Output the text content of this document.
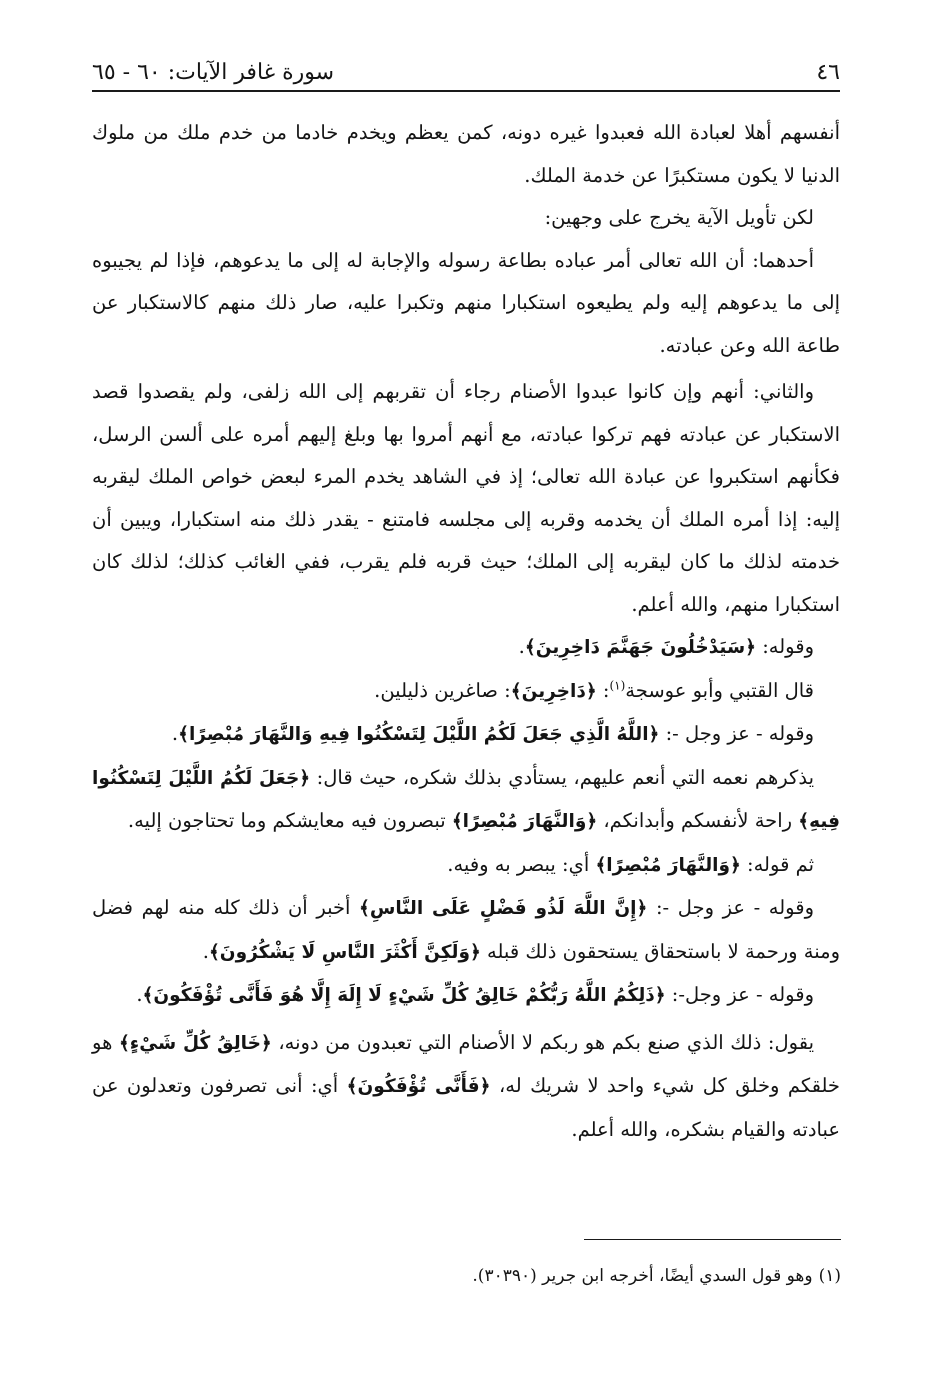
٤٦
سورة غافر الآيات: ٦٠ - ٦٥

أنفسهم أهلا لعبادة الله فعبدوا غيره دونه، كمن يعظم ويخدم خادما من خدم ملك من ملوك الدنيا لا يكون مستكبرًا عن خدمة الملك.

لكن تأويل الآية يخرج على وجهين:

أحدهما: أن الله تعالى أمر عباده بطاعة رسوله والإجابة له إلى ما يدعوهم، فإذا لم يجيبوه إلى ما يدعوهم إليه ولم يطيعوه استكبارا منهم وتكبرا عليه، صار ذلك منهم كالاستكبار عن طاعة الله وعن عبادته.

والثاني: أنهم وإن كانوا عبدوا الأصنام رجاء أن تقربهم إلى الله زلفى، ولم يقصدوا قصد الاستكبار عن عبادته فهم تركوا عبادته، مع أنهم أمروا بها وبلغ إليهم أمره على ألسن الرسل، فكأنهم استكبروا عن عبادة الله تعالى؛ إذ في الشاهد يخدم المرء لبعض خواص الملك ليقربه إليه: إذا أمره الملك أن يخدمه وقربه إلى مجلسه فامتنع - يقدر ذلك منه استكبارا، ويبين أن خدمته لذلك ما كان ليقربه إلى الملك؛ حيث قربه فلم يقرب، ففي الغائب كذلك؛ لذلك كان استكبارا منهم، والله أعلم.

وقوله: ﴿سَيَدْخُلُونَ جَهَنَّمَ دَاخِرِينَ﴾.

قال القتبي وأبو عوسجة$^{(١)}$: ﴿دَاخِرِينَ﴾: صاغرين ذليلين.

وقوله - عز وجل -: ﴿اللَّهُ الَّذِي جَعَلَ لَكُمُ اللَّيْلَ لِتَسْكُنُوا فِيهِ وَالنَّهَارَ مُبْصِرًا﴾.

يذكرهم نعمه التي أنعم عليهم، يستأدي بذلك شكره، حيث قال: ﴿جَعَلَ لَكُمُ اللَّيْلَ لِتَسْكُنُوا فِيهِ﴾ راحة لأنفسكم وأبدانكم، ﴿وَالنَّهَارَ مُبْصِرًا﴾ تبصرون فيه معايشكم وما تحتاجون إليه.

ثم قوله: ﴿وَالنَّهَارَ مُبْصِرًا﴾ أي: يبصر به وفيه.

وقوله - عز وجل -: ﴿إِنَّ اللَّهَ لَذُو فَضْلٍ عَلَى النَّاسِ﴾ أخبر أن ذلك كله منه لهم فضل ومنة ورحمة لا باستحقاق يستحقون ذلك قبله ﴿وَلَكِنَّ أَكْثَرَ النَّاسِ لَا يَشْكُرُونَ﴾.

وقوله - عز وجل-: ﴿ذَلِكُمُ اللَّهُ رَبُّكُمْ خَالِقُ كُلِّ شَيْءٍ لَا إِلَهَ إِلَّا هُوَ فَأَنَّى تُؤْفَكُونَ﴾.

يقول: ذلك الذي صنع بكم هو ربكم لا الأصنام التي تعبدون من دونه، ﴿خَالِقُ كُلِّ شَيْءٍ﴾ هو خلقكم وخلق كل شيء واحد لا شريك له، ﴿فَأَنَّى تُؤْفَكُونَ﴾ أي: أنى تصرفون وتعدلون عن عبادته والقيام بشكره، والله أعلم.

(١)وهو قول السدي أيضًا، أخرجه ابن جرير (٣٠٣٩٠).
